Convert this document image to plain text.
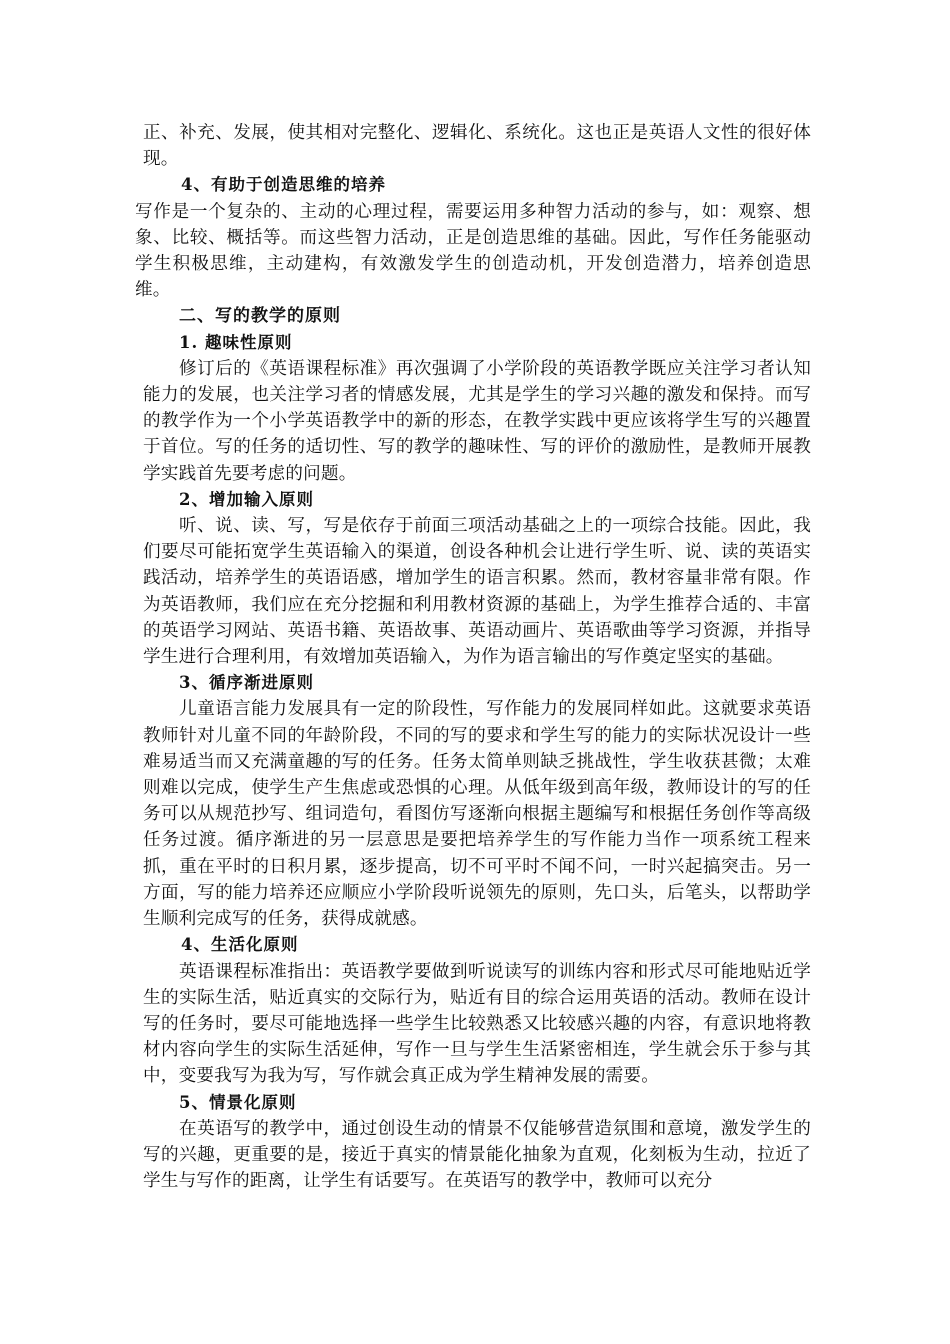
正、补充、发展，使其相对完整化、逻辑化、系统化。这也正是英语人文性的很好体现。

4、有助于创造思维的培养

写作是一个复杂的、主动的心理过程，需要运用多种智力活动的参与，如：观察、想象、比较、概括等。而这些智力活动，正是创造思维的基础。因此，写作任务能驱动学生积极思维，主动建构，有效激发学生的创造动机，开发创造潜力，培养创造思维。

二、写的教学的原则
1. 趣味性原则

修订后的《英语课程标准》再次强调了小学阶段的英语教学既应关注学习者认知能力的发展，也关注学习者的情感发展，尤其是学生的学习兴趣的激发和保持。而写的教学作为一个小学英语教学中的新的形态，在教学实践中更应该将学生写的兴趣置于首位。写的任务的适切性、写的教学的趣味性、写的评价的激励性，是教师开展教学实践首先要考虑的问题。

2、增加输入原则

听、说、读、写，写是依存于前面三项活动基础之上的一项综合技能。因此，我们要尽可能拓宽学生英语输入的渠道，创设各种机会让进行学生听、说、读的英语实践活动，培养学生的英语语感，增加学生的语言积累。然而，教材容量非常有限。作为英语教师，我们应在充分挖掘和利用教材资源的基础上，为学生推荐合适的、丰富的英语学习网站、英语书籍、英语故事、英语动画片、英语歌曲等学习资源，并指导学生进行合理利用，有效增加英语输入，为作为语言输出的写作奠定坚实的基础。

3、循序渐进原则

儿童语言能力发展具有一定的阶段性，写作能力的发展同样如此。这就要求英语教师针对儿童不同的年龄阶段，不同的写的要求和学生写的能力的实际状况设计一些难易适当而又充满童趣的写的任务。任务太简单则缺乏挑战性，学生收获甚微；太难则难以完成，使学生产生焦虑或恐惧的心理。从低年级到高年级，教师设计的写的任务可以从规范抄写、组词造句，看图仿写逐渐向根据主题编写和根据任务创作等高级任务过渡。循序渐进的另一层意思是要把培养学生的写作能力当作一项系统工程来抓，重在平时的日积月累，逐步提高，切不可平时不闻不问，一时兴起搞突击。另一方面，写的能力培养还应顺应小学阶段听说领先的原则，先口头，后笔头，以帮助学生顺利完成写的任务，获得成就感。

4、生活化原则

英语课程标准指出：英语教学要做到听说读写的训练内容和形式尽可能地贴近学生的实际生活，贴近真实的交际行为，贴近有目的综合运用英语的活动。教师在设计写的任务时，要尽可能地选择一些学生比较熟悉又比较感兴趣的内容，有意识地将教材内容向学生的实际生活延伸，写作一旦与学生生活紧密相连，学生就会乐于参与其中，变要我写为我为写，写作就会真正成为学生精神发展的需要。

5、情景化原则

在英语写的教学中，通过创设生动的情景不仅能够营造氛围和意境，激发学生的写的兴趣，更重要的是，接近于真实的情景能化抽象为直观，化刻板为生动，拉近了学生与写作的距离，让学生有话要写。在英语写的教学中，教师可以充分
